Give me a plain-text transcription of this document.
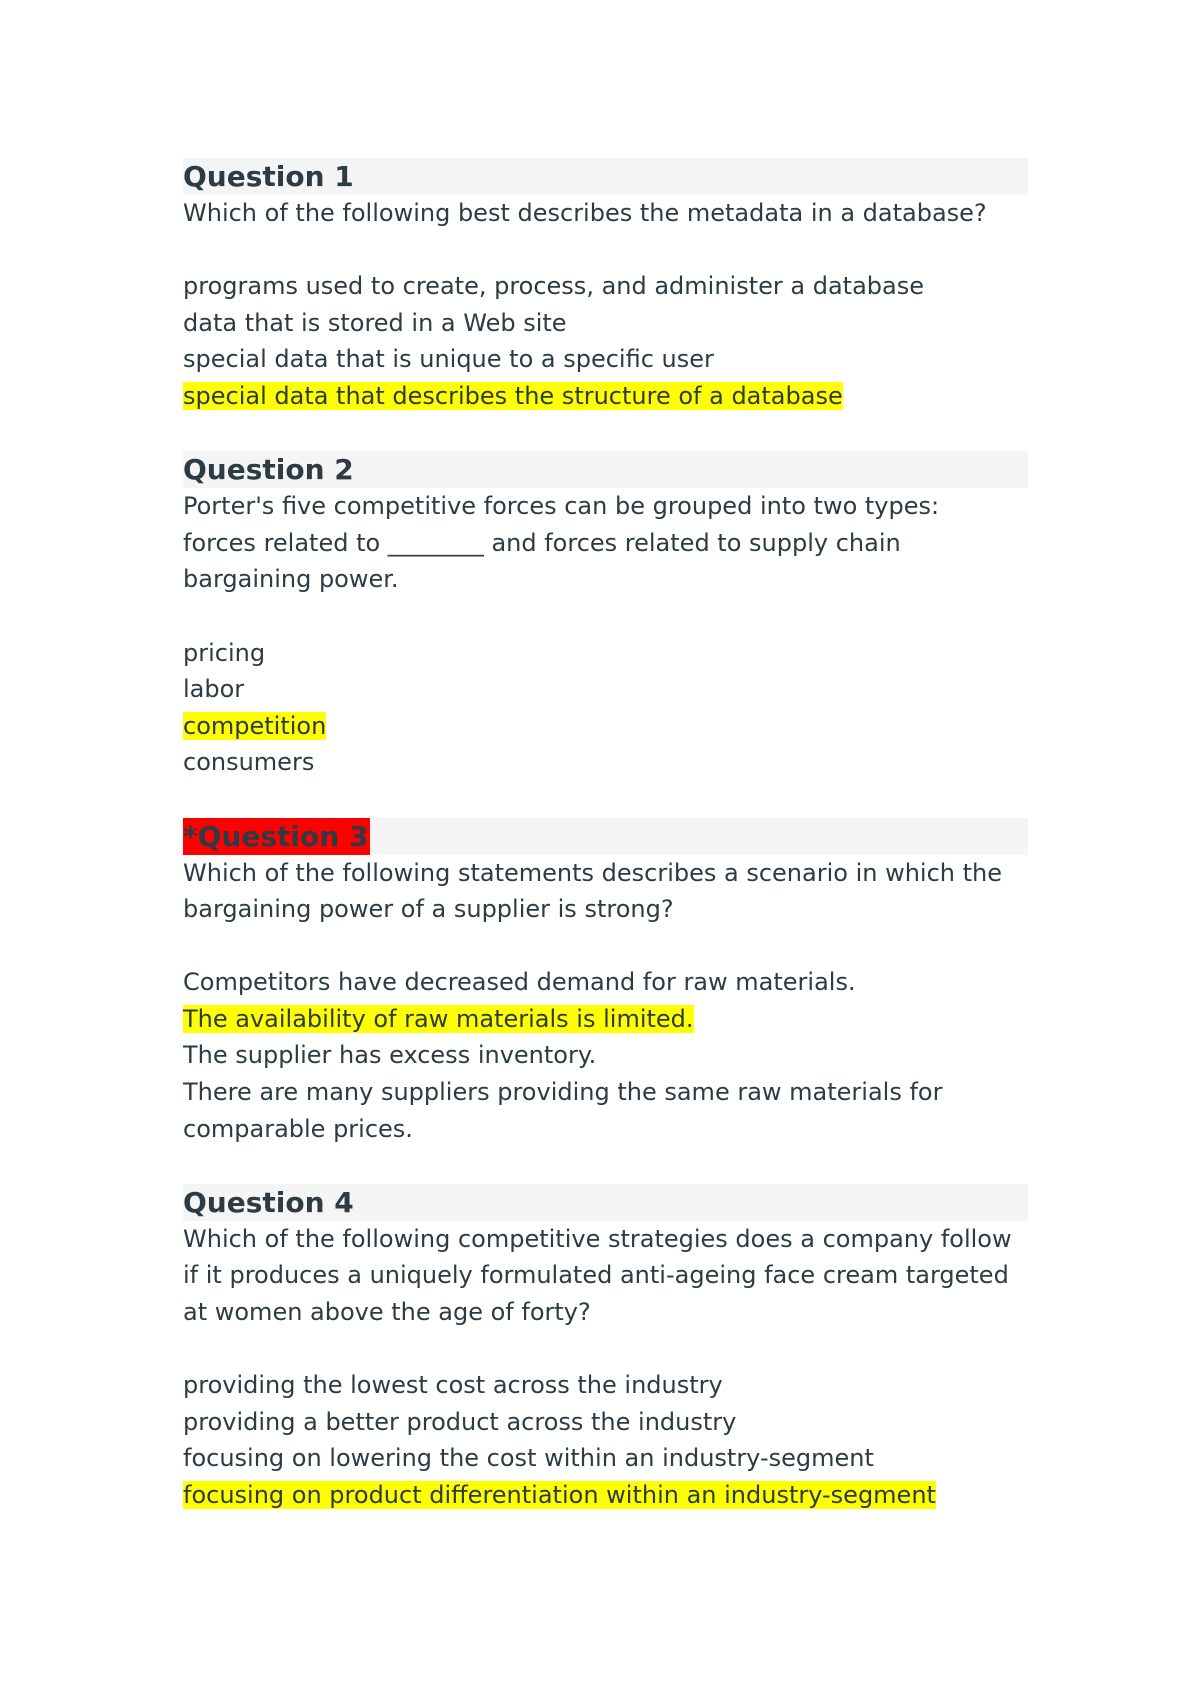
Question 1

Which of the following best describes the metadata in a database?

programs used to create, process, and administer a database
data that is stored in a Web site
special data that is unique to a specific user
special data that describes the structure of a database
Question 2

Porter's five competitive forces can be grouped into two types:
forces related to ________ and forces related to supply chain
bargaining power.

pricing
labor
competition
consumers
*Question 3

Which of the following statements describes a scenario in which the
bargaining power of a supplier is strong?

Competitors have decreased demand for raw materials.
The availability of raw materials is limited.
The supplier has excess inventory.
There are many suppliers providing the same raw materials for
comparable prices.
Question 4

Which of the following competitive strategies does a company follow
if it produces a uniquely formulated anti-ageing face cream targeted
at women above the age of forty?

providing the lowest cost across the industry
providing a better product across the industry
focusing on lowering the cost within an industry-segment
focusing on product differentiation within an industry-segment
